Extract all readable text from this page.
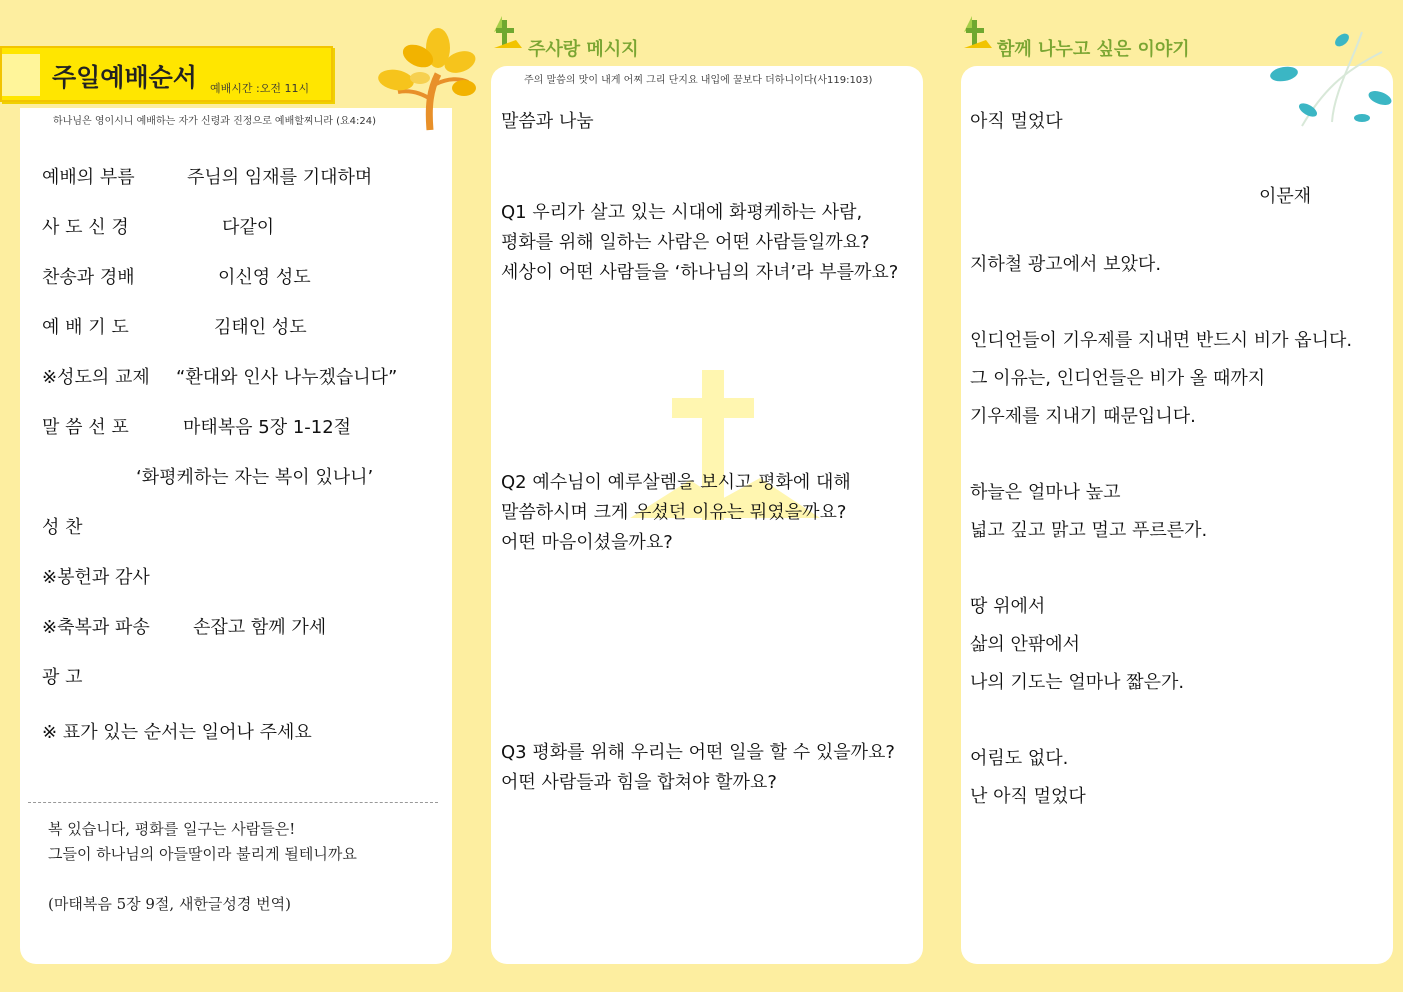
주일예배순서 예배시간 :오전 11시
하나님은 영이시니 예배하는 자가 신령과 진정으로 예배할찌니라 (요4:24)
예배의 부름	주님의 임재를 기대하며
사 도 신 경	다같이
찬송과 경배	이신영 성도
예 배 기 도	김태인 성도
※성도의 교제 “환대와 인사 나누겠습니다”
말 씀 선 포	마태복음 5장 1-12절
‘화평케하는 자는 복이 있나니’
성 찬
※봉헌과 감사
※축복과 파송 손잡고 함께 가세
광 고
※ 표가 있는 순서는 일어나 주세요
복 있습니다, 평화를 일구는 사람들은!
그들이 하나님의 아들딸이라 불리게 될테니까요
(마태복음 5장 9절, 새한글성경 번역)
주사랑 메시지
주의 말씀의 맛이 내게 어찌 그리 단지요 내입에 꿀보다 더하니이다(사119:103)
말씀과 나눔
Q1 우리가 살고 있는 시대에 화평케하는 사람,
평화를 위해 일하는 사람은 어떤 사람들일까요?
세상이 어떤 사람들을 ‘하나님의 자녀’라 부를까요?
Q2 예수님이 예루살렘을 보시고 평화에 대해
말씀하시며 크게 우셨던 이유는 뭐였을까요?
어떤 마음이셨을까요?
Q3 평화를 위해 우리는 어떤 일을 할 수 있을까요?
어떤 사람들과 힘을 합쳐야 할까요?
함께 나누고 싶은 이야기
아직 멀었다
이문재
지하철 광고에서 보았다.
인디언들이 기우제를 지내면 반드시 비가 옵니다.
그 이유는, 인디언들은 비가 올 때까지
기우제를 지내기 때문입니다.
하늘은 얼마나 높고
넓고 깊고 맑고 멀고 푸르른가.
땅 위에서
삶의 안팎에서
나의 기도는 얼마나 짧은가.
어림도 없다.
난 아직 멀었다
